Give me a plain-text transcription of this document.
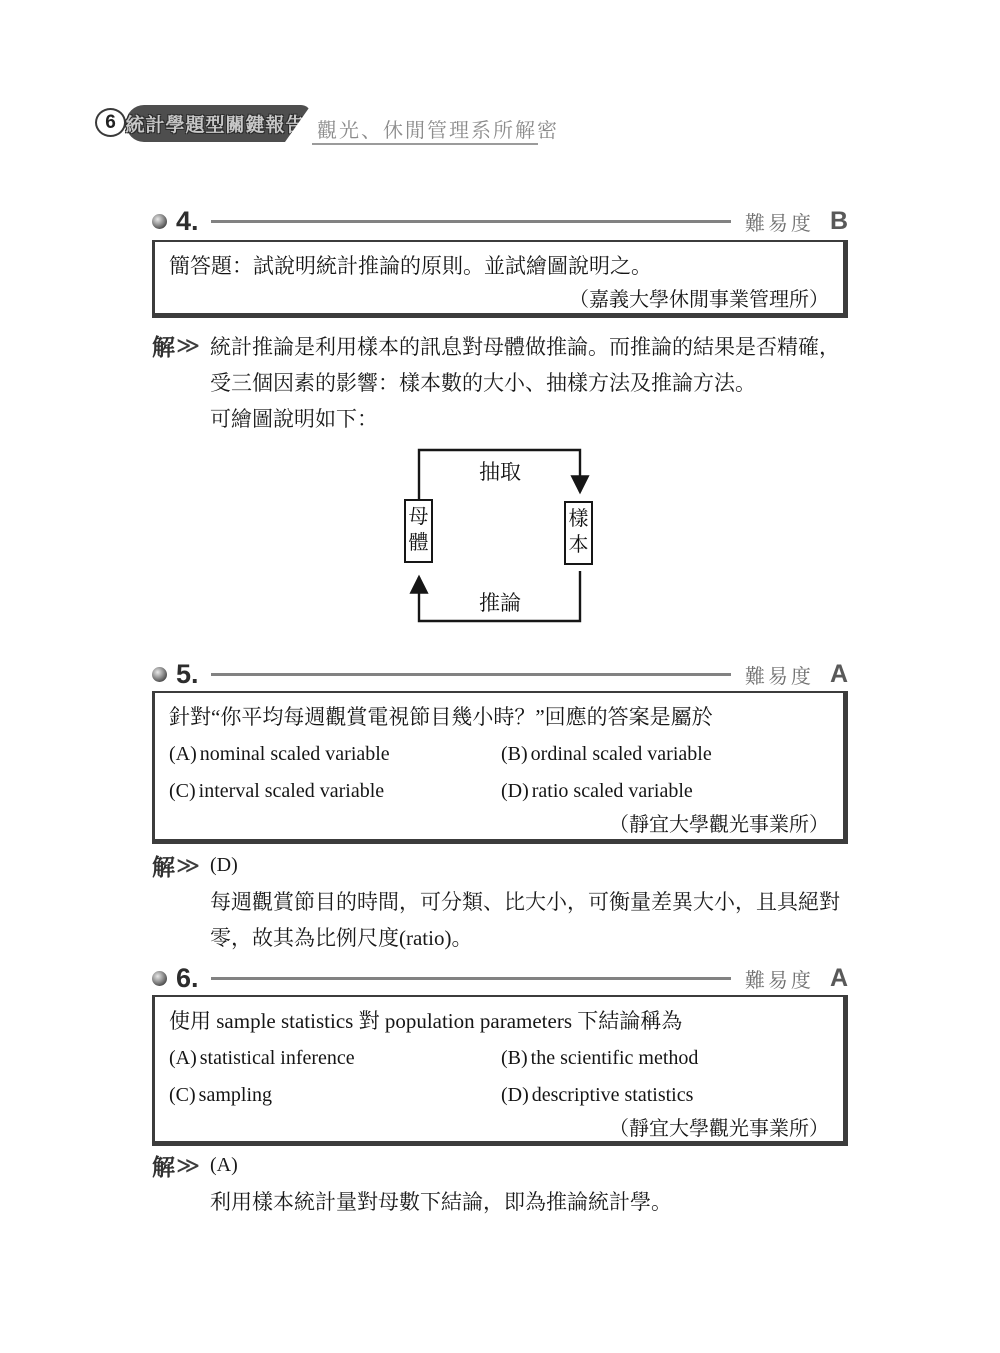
6 統計學題型關鍵報告 觀光、休閒管理系所解密
4.	難易度 B
簡答題：試說明統計推論的原則。並試繪圖說明之。
（嘉義大學休閒事業管理所）
解 ≫ 統計推論是利用樣本的訊息對母體做推論。而推論的結果是否精確，受三個因素的影響：樣本數的大小、抽樣方法及推論方法。
可繪圖說明如下：
母體
樣本
抽取
推論
5.	難易度 A
針對“你平均每週觀賞電視節目幾小時？”回應的答案是屬於
(A) nominal scaled variable	(B) ordinal scaled variable
(C) interval scaled variable	(D) ratio scaled variable
（靜宜大學觀光事業所）
解 ≫ (D)
每週觀賞節目的時間，可分類、比大小，可衡量差異大小，且具絕對零，故其為比例尺度(ratio)。
6.	難易度 A
使用 sample statistics 對 population parameters 下結論稱為
(A) statistical inference	(B) the scientific method
(C) sampling	(D) descriptive statistics
（靜宜大學觀光事業所）
解 ≫ (A)
利用樣本統計量對母數下結論，即為推論統計學。
